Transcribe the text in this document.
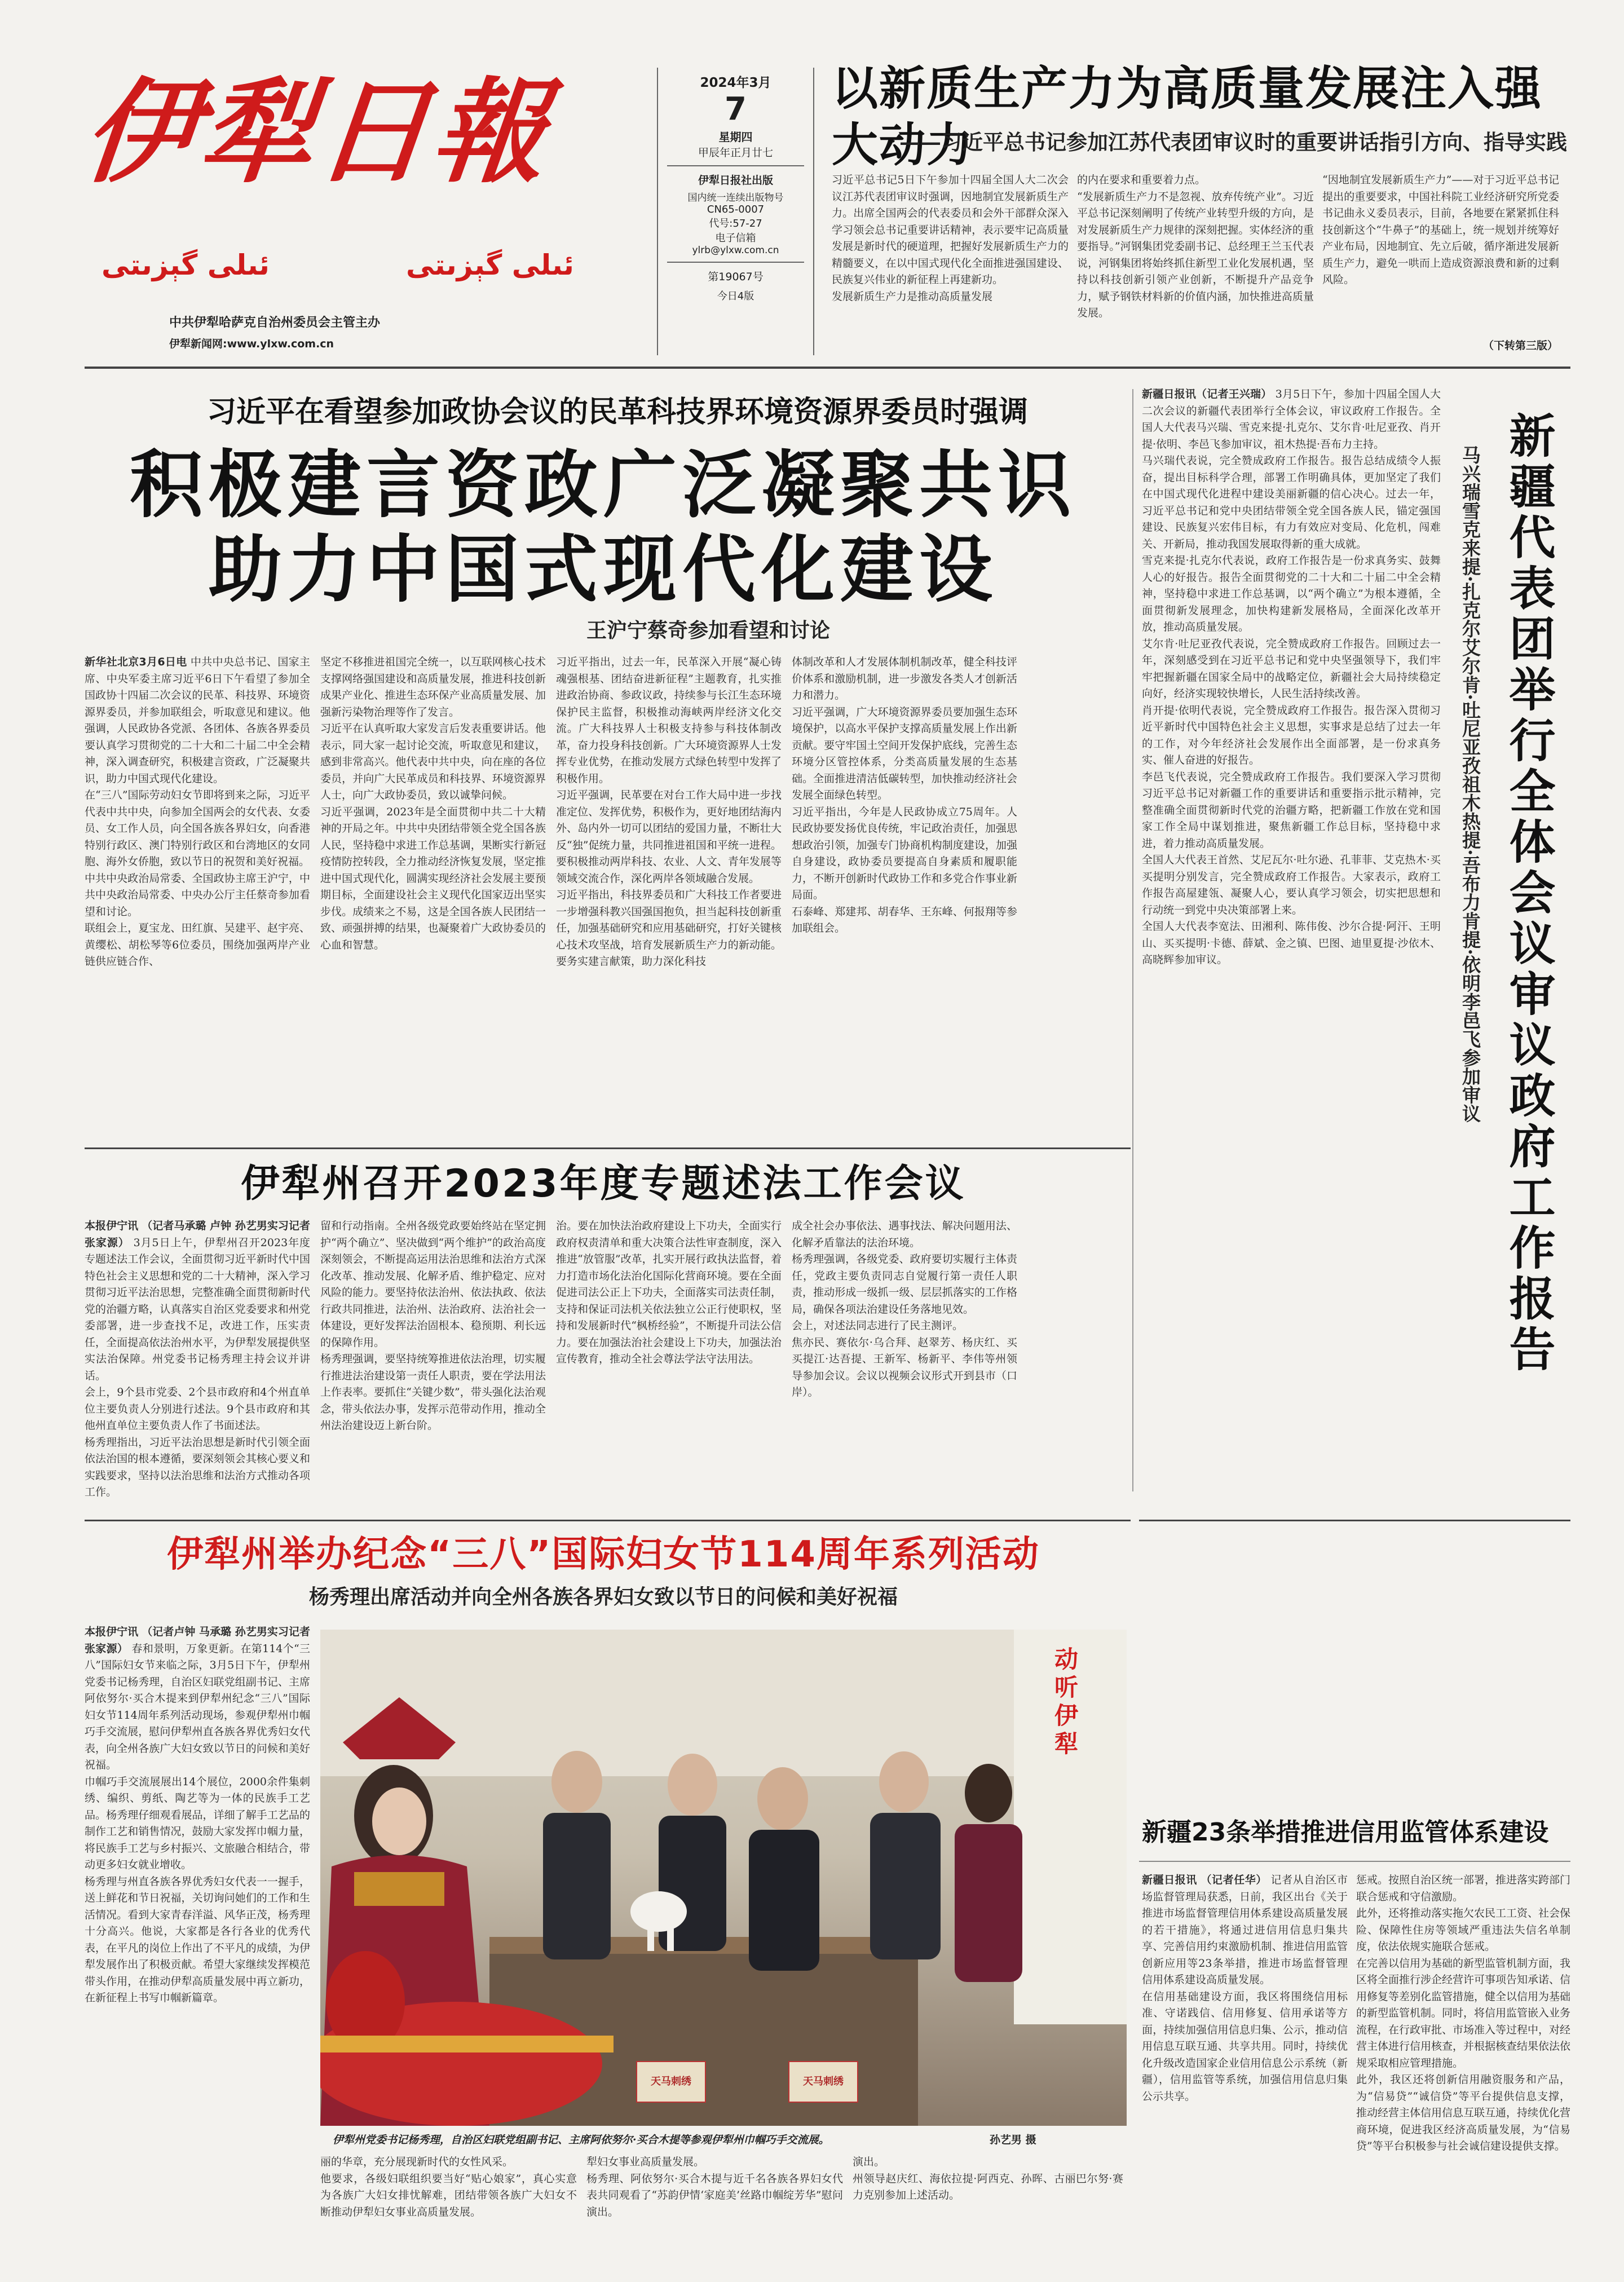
伊犁日報
ئىلى گېزىتى	ئىلى گېزىتى
中共伊犁哈萨克自治州委员会主管主办
伊犁新闻网:www.ylxw.com.cn
2024年3月
7
星期四
甲辰年正月廿七
伊犁日报社出版
国内统一连续出版物号
CN65-0007
代号:57-27
电子信箱
ylrb@ylxw.com.cn
第19067号
今日4版
以新质生产力为高质量发展注入强大动力
——习近平总书记参加江苏代表团审议时的重要讲话指引方向、指导实践
习近平总书记5日下午参加十四届全国人大二次会议江苏代表团审议时强调，因地制宜发展新质生产力。出席全国两会的代表委员和会外干部群众深入学习领会总书记重要讲话精神，表示要牢记高质量发展是新时代的硬道理，把握好发展新质生产力的精髓要义，在以中国式现代化全面推进强国建设、民族复兴伟业的新征程上再建新功。
发展新质生产力是推动高质量发展
的内在要求和重要着力点。
“发展新质生产力不是忽视、放弃传统产业”。习近平总书记深刻阐明了传统产业转型升级的方向，是对发展新质生产力规律的深刻把握。实体经济的重要指导。”河钢集团党委副书记、总经理王兰玉代表说，河钢集团将始终抓住新型工业化发展机遇，坚持以科技创新引领产业创新，不断提升产品竞争力，赋予钢铁材料新的价值内涵，加快推进高质量发展。
“因地制宜发展新质生产力”——对于习近平总书记提出的重要要求，中国社科院工业经济研究所党委书记曲永义委员表示，目前，各地要在紧紧抓住科技创新这个“牛鼻子”的基础上，统一规划并统筹好产业布局，因地制宜、先立后破，循序渐进发展新质生产力，避免一哄而上造成资源浪费和新的过剩风险。
（下转第三版）
习近平在看望参加政协会议的民革科技界环境资源界委员时强调
积极建言资政广泛凝聚共识
助力中国式现代化建设
王沪宁蔡奇参加看望和讨论
新华社北京3月6日电 中共中央总书记、国家主席、中央军委主席习近平6日下午看望了参加全国政协十四届二次会议的民革、科技界、环境资源界委员，并参加联组会，听取意见和建议。他强调，人民政协各党派、各团体、各族各界委员要认真学习贯彻党的二十大和二十届二中全会精神，深入调查研究，积极建言资政，广泛凝聚共识，助力中国式现代化建设。
在“三八”国际劳动妇女节即将到来之际，习近平代表中共中央，向参加全国两会的女代表、女委员、女工作人员，向全国各族各界妇女，向香港特别行政区、澳门特别行政区和台湾地区的女同胞、海外女侨胞，致以节日的祝贺和美好祝福。
中共中央政治局常委、全国政协主席王沪宁，中共中央政治局常委、中央办公厅主任蔡奇参加看望和讨论。
联组会上，夏宝龙、田红旗、吴建平、赵宇亮、黄缨松、胡松琴等6位委员，围绕加强两岸产业链供应链合作、
坚定不移推进祖国完全统一，以互联网核心技术支撑网络强国建设和高质量发展，推进科技创新成果产业化、推进生态环保产业高质量发展、加强新污染物治理等作了发言。
习近平在认真听取大家发言后发表重要讲话。他表示，同大家一起讨论交流，听取意见和建议，感到非常高兴。他代表中共中央，向在座的各位委员，并向广大民革成员和科技界、环境资源界人士，向广大政协委员，致以诚挚问候。
习近平强调，2023年是全面贯彻中共二十大精神的开局之年。中共中央团结带领全党全国各族人民，坚持稳中求进工作总基调，果断实行新冠疫情防控转段，全力推动经济恢复发展，坚定推进中国式现代化，圆满实现经济社会发展主要预期目标，全面建设社会主义现代化国家迈出坚实步伐。成绩来之不易，这是全国各族人民团结一致、顽强拼搏的结果，也凝聚着广大政协委员的心血和智慧。
习近平指出，过去一年，民革深入开展“凝心铸魂强根基、团结奋进新征程”主题教育，扎实推进政治协商、参政议政，持续参与长江生态环境保护民主监督，积极推动海峡两岸经济文化交流。广大科技界人士积极支持参与科技体制改革，奋力投身科技创新。广大环境资源界人士发挥专业优势，在推动发展方式绿色转型中发挥了积极作用。
习近平强调，民革要在对台工作大局中进一步找准定位、发挥优势，积极作为，更好地团结海内外、岛内外一切可以团结的爱国力量，不断壮大反“独”促统力量，共同推进祖国和平统一进程。要积极推动两岸科技、农业、人文、青年发展等领域交流合作，深化两岸各领域融合发展。
习近平指出，科技界委员和广大科技工作者要进一步增强科教兴国强国抱负，担当起科技创新重任，加强基础研究和应用基础研究，打好关键核心技术攻坚战，培育发展新质生产力的新动能。要务实建言献策，助力深化科技
体制改革和人才发展体制机制改革，健全科技评价体系和激励机制，进一步激发各类人才创新活力和潜力。
习近平强调，广大环境资源界委员要加强生态环境保护，以高水平保护支撑高质量发展上作出新贡献。要守牢国土空间开发保护底线，完善生态环境分区管控体系，分类高质量发展的生态基础。全面推进清洁低碳转型，加快推动经济社会发展全面绿色转型。
习近平指出，今年是人民政协成立75周年。人民政协要发扬优良传统，牢记政治责任，加强思想政治引领，加强专门协商机构制度建设，加强自身建设，政协委员要提高自身素质和履职能力，不断开创新时代政协工作和多党合作事业新局面。
石泰峰、郑建邦、胡春华、王东峰、何报翔等参加联组会。
新疆日报讯（记者王兴瑞） 3月5日下午，参加十四届全国人大二次会议的新疆代表团举行全体会议，审议政府工作报告。全国人大代表马兴瑞、雪克来提·扎克尔、艾尔肯·吐尼亚孜、肖开提·依明、李邑飞参加审议，祖木热提·吾布力主持。
马兴瑞代表说，完全赞成政府工作报告。报告总结成绩令人振奋，提出目标科学合理，部署工作明确具体，更加坚定了我们在中国式现代化进程中建设美丽新疆的信心决心。过去一年，习近平总书记和党中央团结带领全党全国各族人民，锚定强国建设、民族复兴宏伟目标，有力有效应对变局、化危机，闯难关、开新局，推动我国发展取得新的重大成就。
雪克来提·扎克尔代表说，政府工作报告是一份求真务实、鼓舞人心的好报告。报告全面贯彻党的二十大和二十届二中全会精神，坚持稳中求进工作总基调，以“两个确立”为根本遵循，全面贯彻新发展理念，加快构建新发展格局，全面深化改革开放，推动高质量发展。
艾尔肯·吐尼亚孜代表说，完全赞成政府工作报告。回顾过去一年，深刻感受到在习近平总书记和党中央坚强领导下，我们牢牢把握新疆在国家全局中的战略定位，新疆社会大局持续稳定向好，经济实现较快增长，人民生活持续改善。
肖开提·依明代表说，完全赞成政府工作报告。报告深入贯彻习近平新时代中国特色社会主义思想，实事求是总结了过去一年的工作，对今年经济社会发展作出全面部署，是一份求真务实、催人奋进的好报告。
李邑飞代表说，完全赞成政府工作报告。我们要深入学习贯彻习近平总书记对新疆工作的重要讲话和重要指示批示精神，完整准确全面贯彻新时代党的治疆方略，把新疆工作放在党和国家工作全局中谋划推进，聚焦新疆工作总目标，坚持稳中求进，着力推动高质量发展。
全国人大代表王首然、艾尼瓦尔·吐尔逊、孔菲菲、艾克热木·买买提明分别发言，完全赞成政府工作报告。大家表示，政府工作报告高屋建瓴、凝聚人心，要认真学习领会，切实把思想和行动统一到党中央决策部署上来。
全国人大代表李宽法、田湘利、陈伟俊、沙尔合提·阿汗、王明山、买买提明·卡德、薛斌、金之镇、巴图、迪里夏提·沙依木、高晓辉参加审议。	新疆代表团举行全体会议审议政府工作报告
马兴瑞雪克来提·扎克尔艾尔肯·吐尼亚孜祖木热提·吾布力肯提·依明李邑飞参加审议
伊犁州召开2023年度专题述法工作会议
本报伊宁讯 （记者马承璐 卢钟 孙艺男实习记者张家源） 3月5日上午，伊犁州召开2023年度专题述法工作会议，全面贯彻习近平新时代中国特色社会主义思想和党的二十大精神，深入学习贯彻习近平法治思想，完整准确全面贯彻新时代党的治疆方略，认真落实自治区党委要求和州党委部署，进一步查找不足，改进工作，压实责任，全面提高依法治州水平，为伊犁发展提供坚实法治保障。州党委书记杨秀理主持会议并讲话。
会上，9个县市党委、2个县市政府和4个州直单位主要负责人分别进行述法。9个县市政府和其他州直单位主要负责人作了书面述法。
杨秀理指出，习近平法治思想是新时代引领全面依法治国的根本遵循，要深刻领会其核心要义和实践要求，坚持以法治思维和法治方式推动各项工作。
留和行动指南。全州各级党政要始终站在坚定拥护“两个确立”、坚决做到“两个维护”的政治高度深刻领会，不断提高运用法治思维和法治方式深化改革、推动发展、化解矛盾、维护稳定、应对风险的能力。要坚持依法治州、依法执政、依法行政共同推进，法治州、法治政府、法治社会一体建设，更好发挥法治固根本、稳预期、利长远的保障作用。
杨秀理强调，要坚持统筹推进依法治理，切实履行推进法治建设第一责任人职责，要在学法用法上作表率。要抓住“关键少数”，带头强化法治观念，带头依法办事，发挥示范带动作用，推动全州法治建设迈上新台阶。
治。要在加快法治政府建设上下功夫，全面实行政府权责清单和重大决策合法性审查制度，深入推进“放管服”改革，扎实开展行政执法监督，着力打造市场化法治化国际化营商环境。要在全面促进司法公正上下功夫，全面落实司法责任制，支持和保证司法机关依法独立公正行使职权，坚持和发展新时代“枫桥经验”，不断提升司法公信力。要在加强法治社会建设上下功夫，加强法治宣传教育，推动全社会尊法学法守法用法。
成全社会办事依法、遇事找法、解决问题用法、化解矛盾靠法的法治环境。
杨秀理强调，各级党委、政府要切实履行主体责任，党政主要负责同志自觉履行第一责任人职责，推动形成一级抓一级、层层抓落实的工作格局，确保各项法治建设任务落地见效。
会上，对述法同志进行了民主测评。
焦亦民、赛依尔·乌合拜、赵翠芳、杨庆红、买买提江·达吾提、王新军、杨新平、李伟等州领导参加会议。会议以视频会议形式开到县市（口岸）。
伊犁州举办纪念“三八”国际妇女节114周年系列活动
杨秀理出席活动并向全州各族各界妇女致以节日的问候和美好祝福
本报伊宁讯 （记者卢钟 马承璐 孙艺男实习记者张家源） 春和景明，万象更新。在第114个“三八”国际妇女节来临之际，3月5日下午，伊犁州党委书记杨秀理，自治区妇联党组副书记、主席阿依努尔·买合木提来到伊犁州纪念“三八”国际妇女节114周年系列活动现场，参观伊犁州巾帼巧手交流展，慰问伊犁州直各族各界优秀妇女代表，向全州各族广大妇女致以节日的问候和美好祝福。
巾帼巧手交流展展出14个展位，2000余件集刺绣、编织、剪纸、陶艺等为一体的民族手工艺品。杨秀理仔细观看展品，详细了解手工艺品的制作工艺和销售情况，鼓励大家发挥巾帼力量，将民族手工艺与乡村振兴、文旅融合相结合，带动更多妇女就业增收。
杨秀理与州直各族各界优秀妇女代表一一握手，送上鲜花和节日祝福，关切询问她们的工作和生活情况。看到大家青春洋溢、风华正茂，杨秀理十分高兴。他说，大家都是各行各业的优秀代表，在平凡的岗位上作出了不平凡的成绩，为伊犁发展作出了积极贡献。希望大家继续发挥模范带头作用，在推动伊犁高质量发展中再立新功，在新征程上书写巾帼新篇章。
天马刺绣	天马刺绣
动听伊犁
伊犁州党委书记杨秀理，自治区妇联党组副书记、主席阿依努尔·买合木提等参观伊犁州巾帼巧手交流展。	孙艺男 摄
丽的华章，充分展现新时代的女性风采。
他要求，各级妇联组织要当好“贴心娘家”，真心实意为各族广大妇女排忧解难，团结带领各族广大妇女不断推动伊犁妇女事业高质量发展。
犁妇女事业高质量发展。
杨秀理、阿依努尔·买合木提与近千名各族各界妇女代表共同观看了“苏韵伊情‘家庭美’丝路巾帼绽芳华”慰问演出。
演出。
州领导赵庆红、海依拉提·阿西克、孙晖、古丽巴尔努·赛力克别参加上述活动。
新疆23条举措推进信用监管体系建设
新疆日报讯 （记者任华） 记者从自治区市场监督管理局获悉，日前，我区出台《关于推进市场监督管理信用体系建设高质量发展的若干措施》，将通过进信用信息归集共享、完善信用约束激励机制、推进信用监管创新应用等23条举措，推进市场监督管理信用体系建设高质量发展。
在信用基础建设方面，我区将围绕信用标准、守诺践信、信用修复、信用承诺等方面，持续加强信用信息归集、公示，推动信用信息互联互通、共享共用。同时，持续优化升级改造国家企业信用信息公示系统（新疆），信用监管等系统，加强信用信息归集公示共享。
惩戒。按照自治区统一部署，推进落实跨部门联合惩戒和守信激励。
此外，还将推动落实拖欠农民工工资、社会保险、保障性住房等领域严重违法失信名单制度，依法依规实施联合惩戒。
在完善以信用为基础的新型监管机制方面，我区将全面推行涉企经营许可事项告知承诺、信用修复等差别化监管措施，健全以信用为基础的新型监管机制。同时，将信用监管嵌入业务流程，在行政审批、市场准入等过程中，对经营主体进行信用核查，并根据核查结果依法依规采取相应管理措施。
此外，我区还将创新信用融资服务和产品，为“信易贷”“诚信贷”等平台提供信息支撑，推动经营主体信用信息互联互通，持续优化营商环境，促进我区经济高质量发展，为“信易贷”等平台积极参与社会诚信建设提供支撑。
